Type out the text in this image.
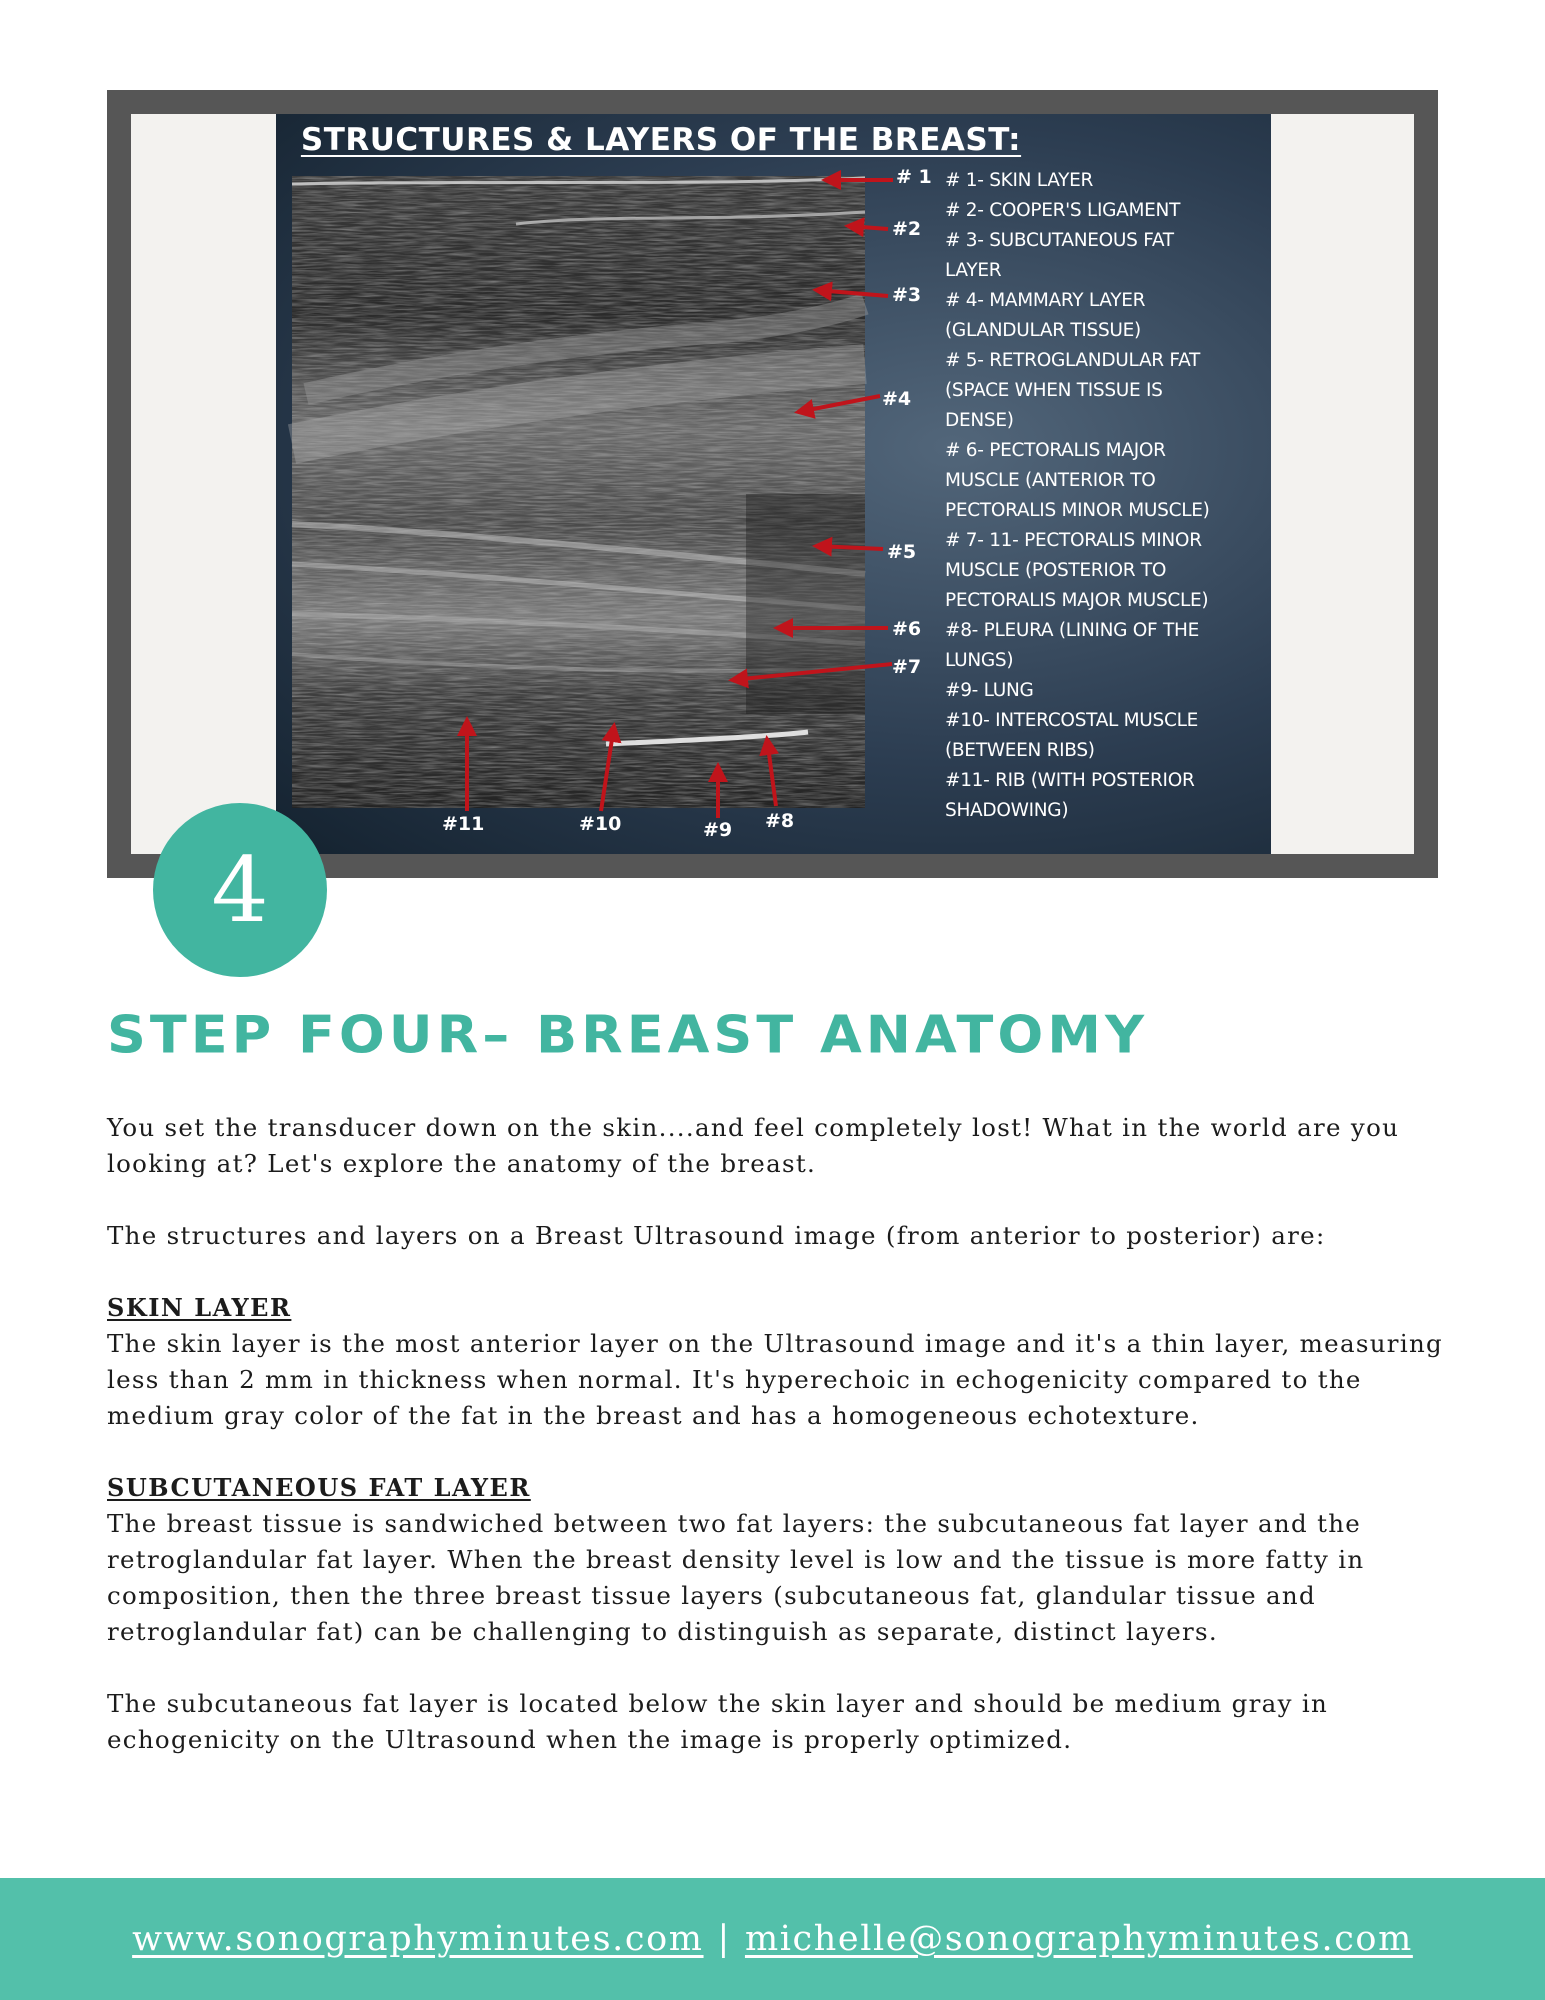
STRUCTURES & LAYERS OF THE BREAST:
# 1
#2
#3
#4
#5
#6
#7
#11	#10	#9 #8
# 1- SKIN LAYER
# 2- COOPER'S LIGAMENT
# 3- SUBCUTANEOUS FAT
LAYER
# 4- MAMMARY LAYER
(GLANDULAR TISSUE)
# 5- RETROGLANDULAR FAT
(SPACE WHEN TISSUE IS
DENSE)
# 6- PECTORALIS MAJOR
MUSCLE (ANTERIOR TO
PECTORALIS MINOR MUSCLE)
# 7- 11- PECTORALIS MINOR
MUSCLE (POSTERIOR TO
PECTORALIS MAJOR MUSCLE)
#8- PLEURA (LINING OF THE
LUNGS)
#9- LUNG
#10- INTERCOSTAL MUSCLE
(BETWEEN RIBS)
#11- RIB (WITH POSTERIOR
SHADOWING)
4
STEP FOUR– BREAST ANATOMY

You set the transducer down on the skin....and feel completely lost! What in the world are you looking at? Let's explore the anatomy of the breast.

The structures and layers on a Breast Ultrasound image (from anterior to posterior) are:

SKIN LAYER

The skin layer is the most anterior layer on the Ultrasound image and it's a thin layer, measuring less than 2 mm in thickness when normal. It's hyperechoic in echogenicity compared to the medium gray color of the fat in the breast and has a homogeneous echotexture.

SUBCUTANEOUS FAT LAYER

The breast tissue is sandwiched between two fat layers: the subcutaneous fat layer and the retroglandular fat layer. When the breast density level is low and the tissue is more fatty in composition, then the three breast tissue layers (subcutaneous fat, glandular tissue and retroglandular fat) can be challenging to distinguish as separate, distinct layers.

The subcutaneous fat layer is located below the skin layer and should be medium gray in echogenicity on the Ultrasound when the image is properly optimized.

www.sonographyminutes.com | michelle@sonographyminutes.com
